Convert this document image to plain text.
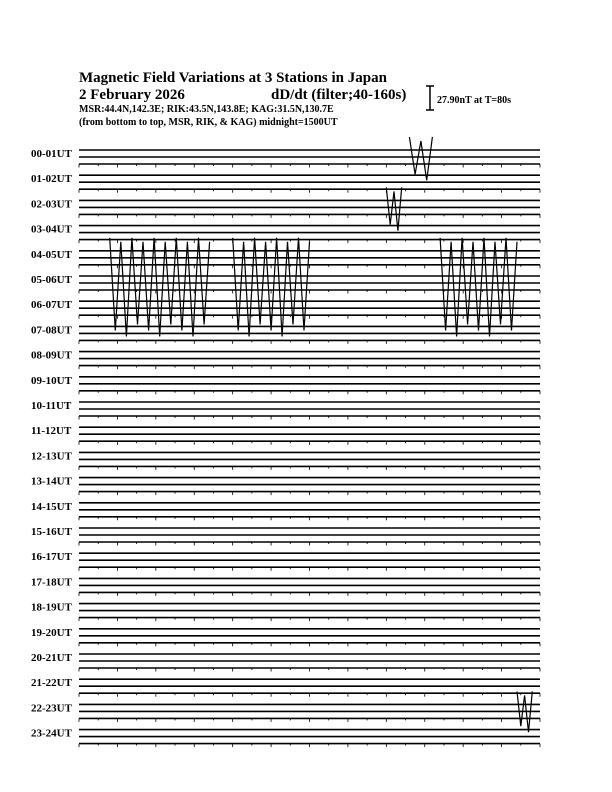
Magnetic Field Variations at 3 Stations in Japan
2 February 2026	dD/dt (filter;40-160s)
MSR:44.4N,142.3E; RIK:43.5N,143.8E; KAG:31.5N,130.7E
(from bottom to top, MSR, RIK, & KAG) midnight=1500UT
27.90nT at T=80s
00-01UT
01-02UT
02-03UT
03-04UT
04-05UT
05-06UT
06-07UT
07-08UT
08-09UT
09-10UT
10-11UT
11-12UT
12-13UT
13-14UT
14-15UT
15-16UT
16-17UT
17-18UT
18-19UT
19-20UT
20-21UT
21-22UT
22-23UT
23-24UT
